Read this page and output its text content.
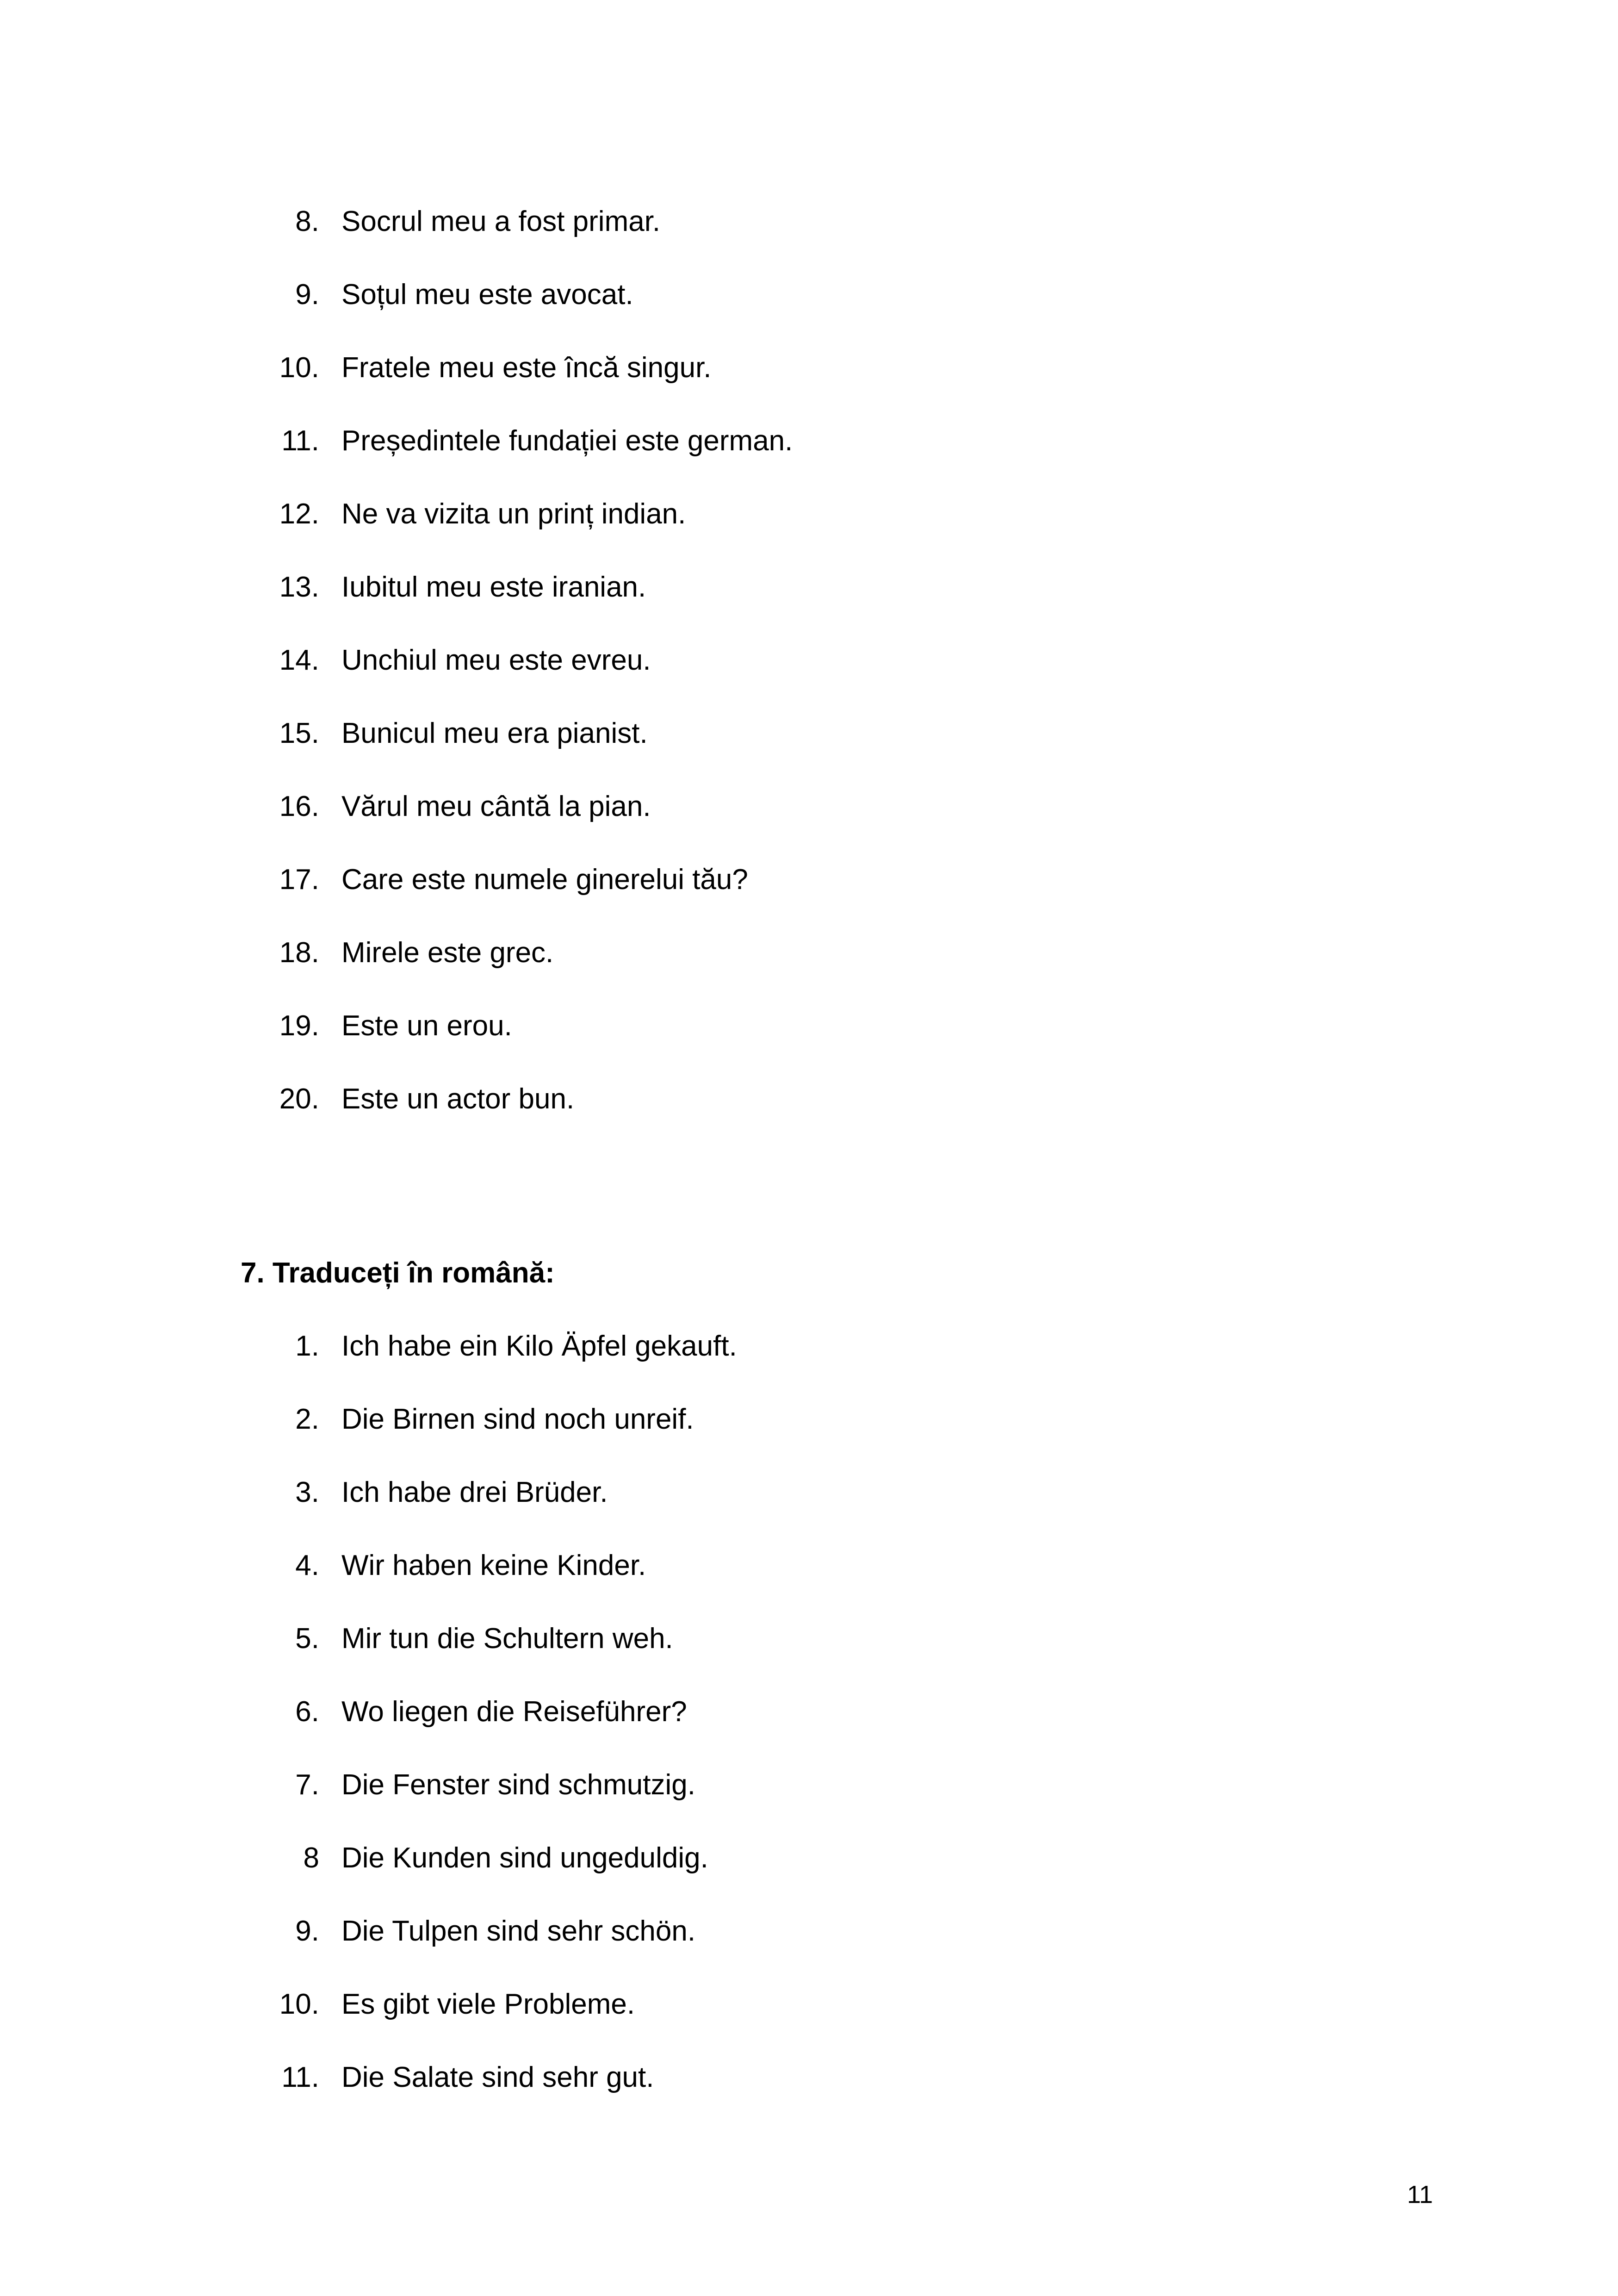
8. Socrul meu a fost primar.
9. Soțul meu este avocat.
10. Fratele meu este încă singur.
11. Președintele fundației este german.
12. Ne va vizita un prinț indian.
13. Iubitul meu este iranian.
14. Unchiul meu este evreu.
15. Bunicul meu era pianist.
16. Vărul meu cântă la pian.
17. Care este numele ginerelui tău?
18. Mirele este grec.
19. Este un erou.
20. Este un actor bun.
7. Traduceți în română:
1. Ich habe ein Kilo Äpfel gekauft.
2. Die Birnen sind noch unreif.
3. Ich habe drei Brüder.
4. Wir haben keine Kinder.
5. Mir tun die Schultern weh.
6. Wo liegen die Reiseführer?
7. Die Fenster sind schmutzig.
8 Die Kunden sind ungeduldig.
9. Die Tulpen sind sehr schön.
10. Es gibt viele Probleme.
11. Die Salate sind sehr gut.
11
